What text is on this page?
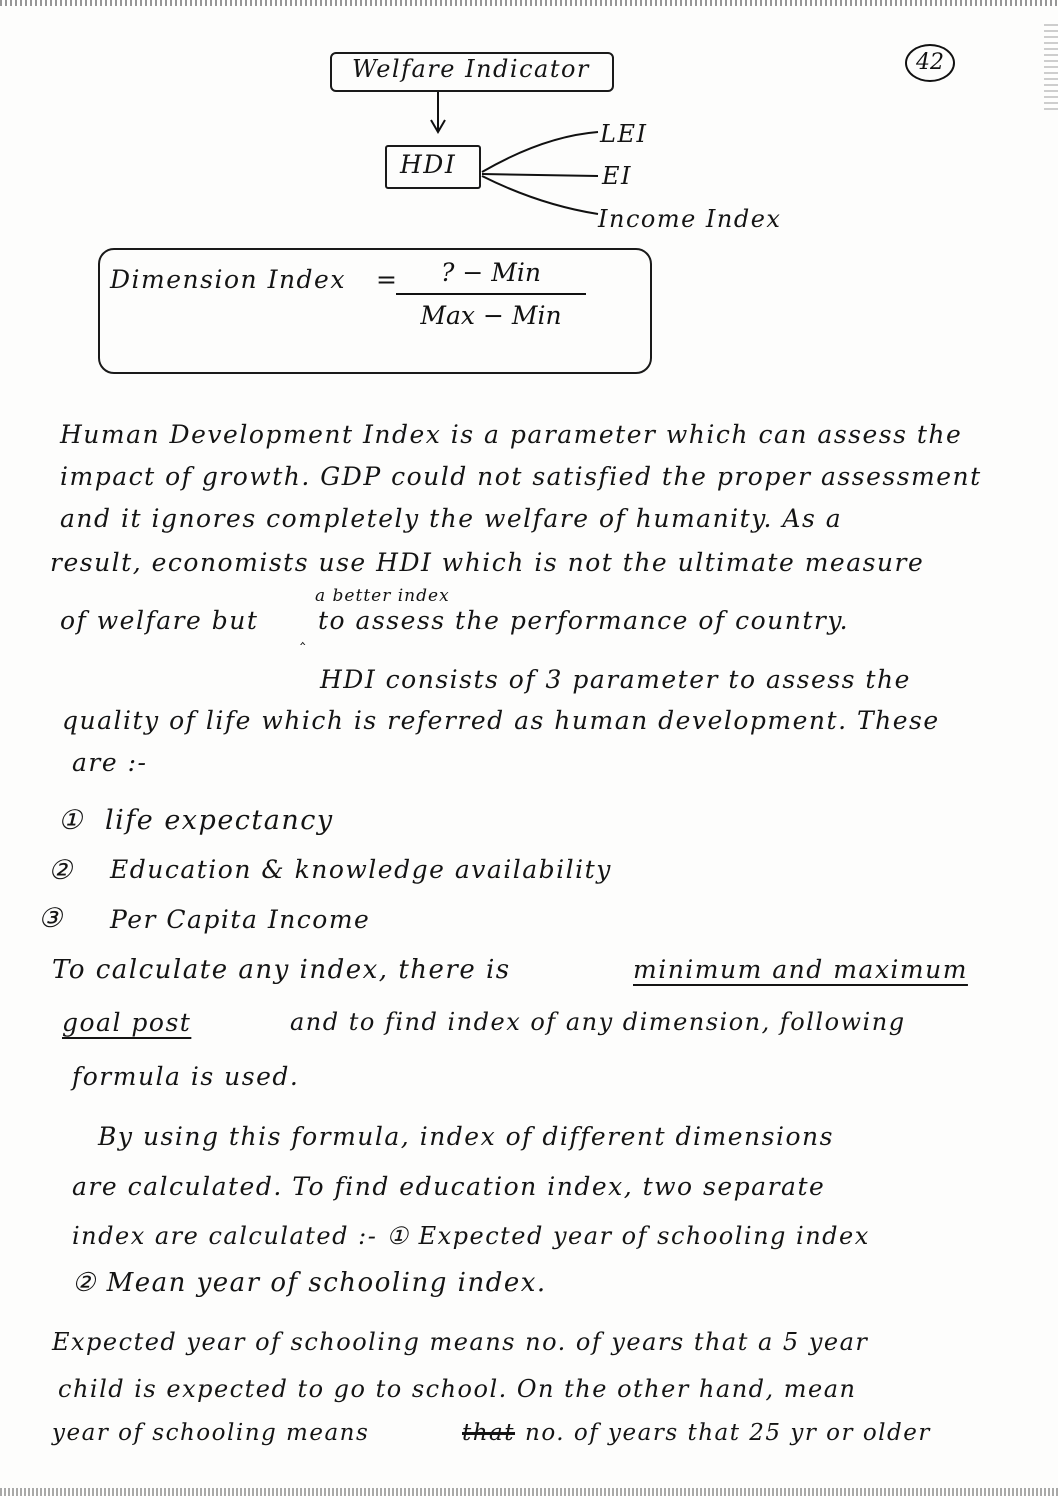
Welfare Indicator	42
HDI
LEI
EI
Income Index
Dimension Index =	? − Min
Max − Min
Human Development Index is a parameter which can assess the
impact of growth. GDP could not satisfied the proper assessment
and it ignores completely the welfare of humanity. As a
result, economists use HDI which is not the ultimate measure
a better index
of welfare but
‸
to assess the performance of country.
HDI consists of 3 parameter to assess the
quality of life which is referred as human development. These
are :-
① life expectancy
② Education & knowledge availability
③ Per Capita Income
To calculate any index, there is	minimum and maximum
goal post	and to find index of any dimension, following
formula is used.
By using this formula, index of different dimensions
are calculated. To find education index, two separate
index are calculated :- ① Expected year of schooling index
② Mean year of schooling index.
Expected year of schooling means no. of years that a 5 year
child is expected to go to school. On the other hand, mean
year of schooling means	that no. of years that 25 yr or older
